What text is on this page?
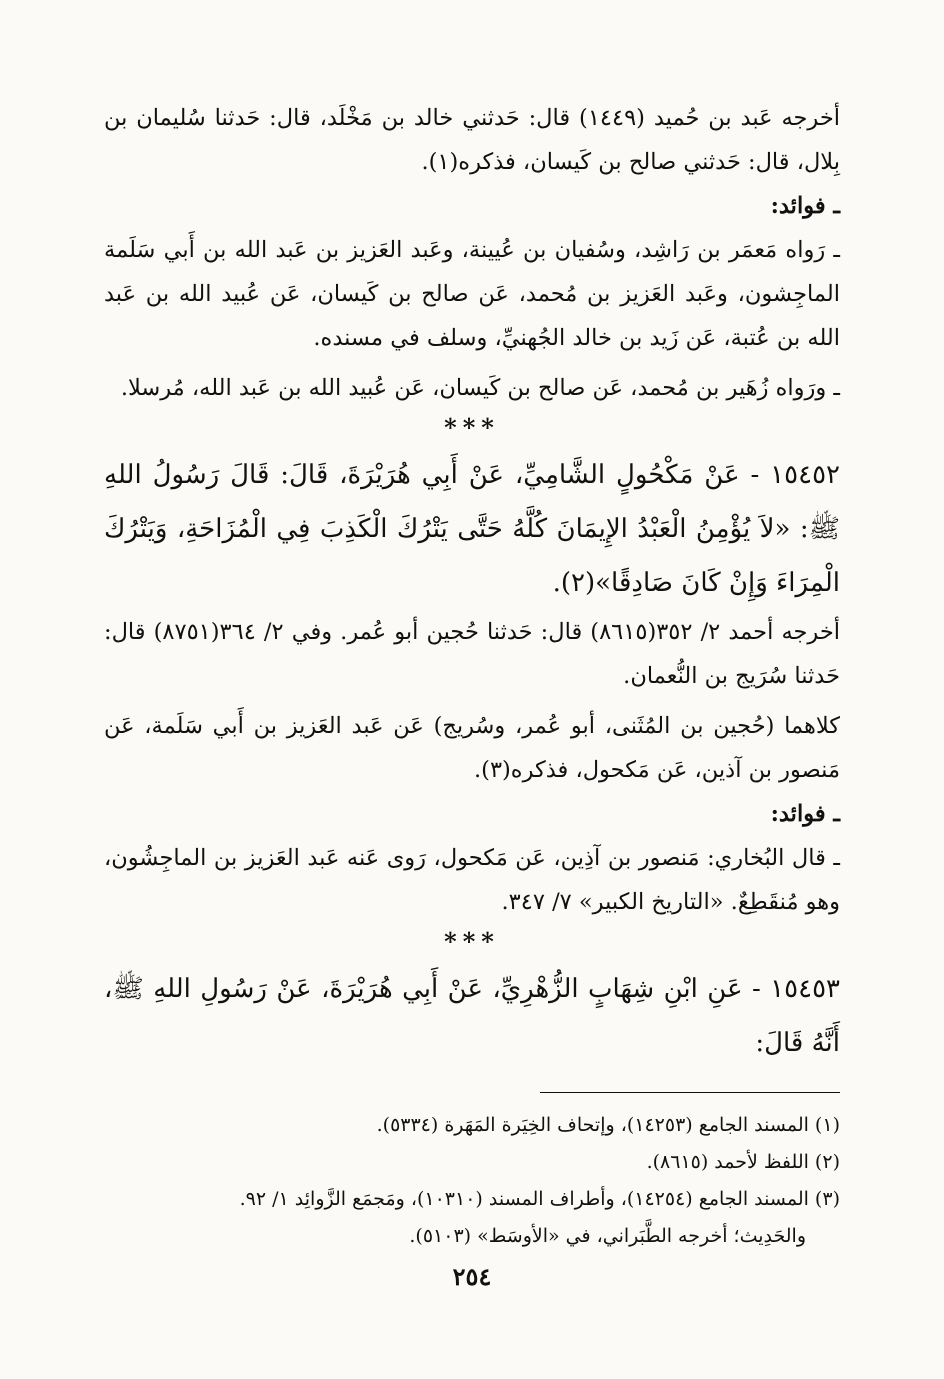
أخرجه عَبد بن حُميد (١٤٤٩) قال: حَدثني خالد بن مَخْلَد، قال: حَدثنا سُليمان بن بِلال، قال: حَدثني صالح بن كَيسان، فذكره(١).

ـ فوائد:

ـ رَواه مَعمَر بن رَاشِد، وسُفيان بن عُيينة، وعَبد العَزيز بن عَبد الله بن أَبي سَلَمة الماجِشون، وعَبد العَزيز بن مُحمد، عَن صالح بن كَيسان، عَن عُبيد الله بن عَبد الله بن عُتبة، عَن زَيد بن خالد الجُهنيِّ، وسلف في مسنده.

ـ ورَواه زُهَير بن مُحمد، عَن صالح بن كَيسان، عَن عُبيد الله بن عَبد الله، مُرسلا.

***

١٥٤٥٢ - عَنْ مَكْحُولٍ الشَّامِيِّ، عَنْ أَبِي هُرَيْرَةَ، قَالَ: قَالَ رَسُولُ اللهِ ﷺ: «لاَ يُؤْمِنُ الْعَبْدُ الإِيمَانَ كُلَّهُ حَتَّى يَتْرُكَ الْكَذِبَ فِي الْمُزَاحَةِ، وَيَتْرُكَ الْمِرَاءَ وَإِنْ كَانَ صَادِقًا»(٢).

أخرجه أحمد ٢/ ٣٥٢(٨٦١٥) قال: حَدثنا حُجين أبو عُمر. وفي ٢/ ٣٦٤(٨٧٥١) قال: حَدثنا سُرَيج بن النُّعمان.

كلاهما (حُجين بن المُثَنى، أبو عُمر، وسُريج) عَن عَبد العَزيز بن أَبي سَلَمة، عَن مَنصور بن آذين، عَن مَكحول، فذكره(٣).

ـ فوائد:

ـ قال البُخاري: مَنصور بن آذِين، عَن مَكحول، رَوى عَنه عَبد العَزيز بن الماجِشُون، وهو مُنقَطِعٌ. «التاريخ الكبير» ٧/ ٣٤٧.

***

١٥٤٥٣ - عَنِ ابْنِ شِهَابٍ الزُّهْرِيِّ، عَنْ أَبِي هُرَيْرَةَ، عَنْ رَسُولِ اللهِ ﷺ، أَنَّهُ قَالَ:

(١) المسند الجامع (١٤٢٥٣)، وإتحاف الخِيَرة المَهَرة (٥٣٣٤).

(٢) اللفظ لأحمد (٨٦١٥).

(٣) المسند الجامع (١٤٢٥٤)، وأطراف المسند (١٠٣١٠)، ومَجمَع الزَّوائِد ١/ ٩٢.

والحَدِيث؛ أخرجه الطَّبَراني، في «الأوسَط» (٥١٠٣).

٢٥٤
